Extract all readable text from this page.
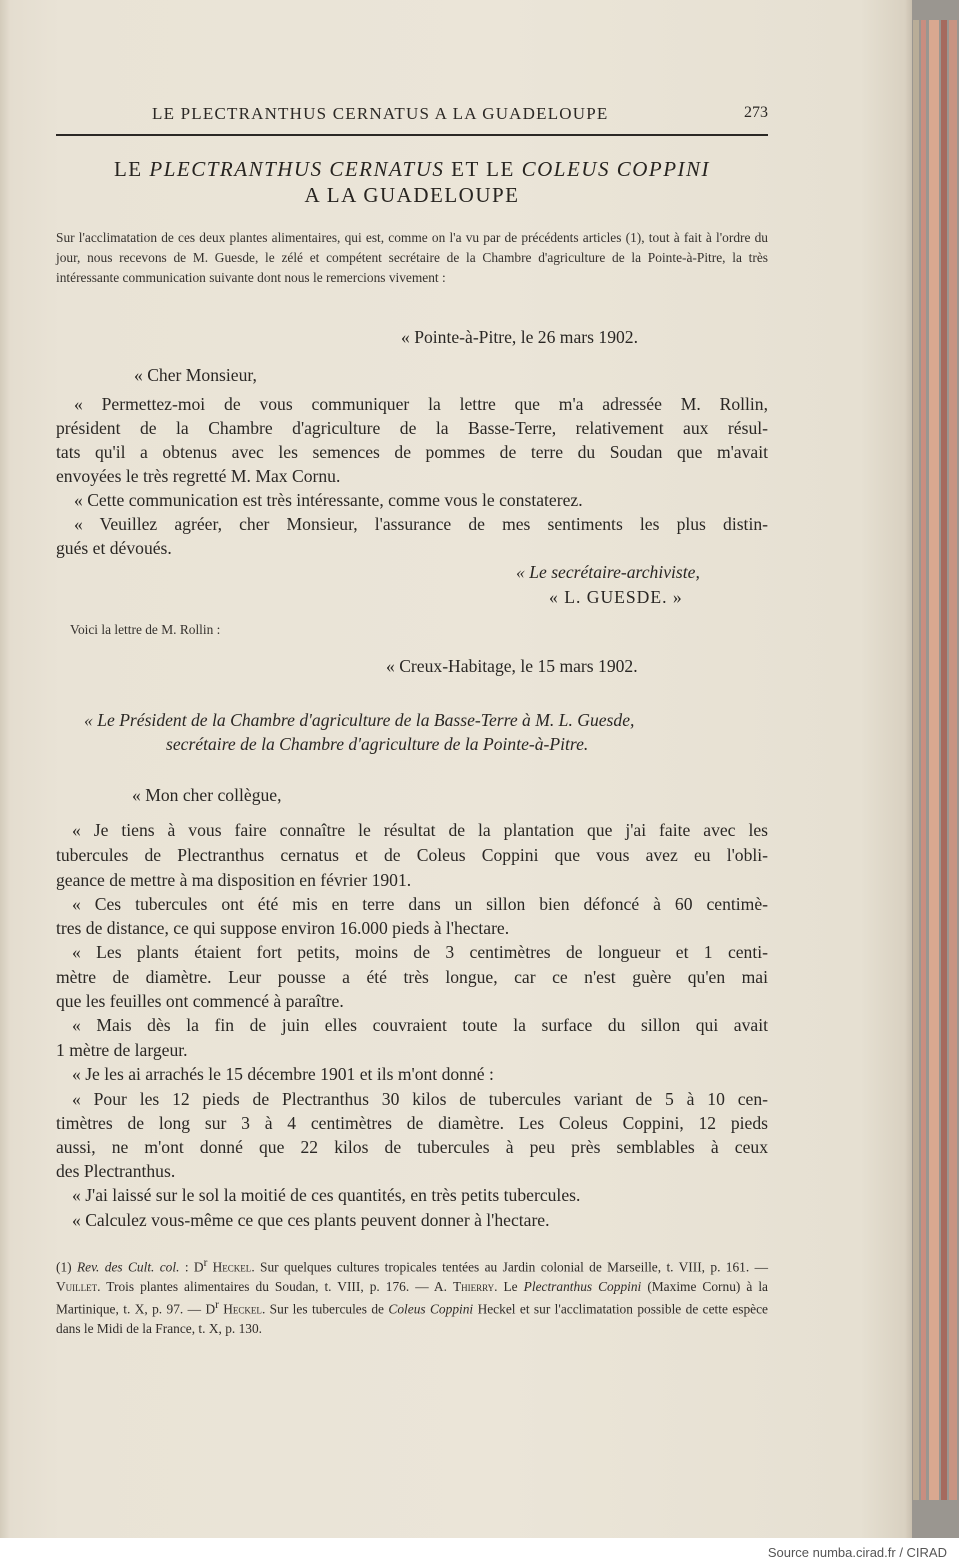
LE PLECTRANTHUS CERNATUS A LA GUADELOUPE	273
LE PLECTRANTHUS CERNATUS ET LE COLEUS COPPINI
A LA GUADELOUPE
Sur l'acclimatation de ces deux plantes alimentaires, qui est, comme on l'a vu par de précédents articles (1), tout à fait à l'ordre du jour, nous recevons de M. Guesde, le zélé et compétent secrétaire de la Chambre d'agriculture de la Pointe-à-Pitre, la très intéressante communication suivante dont nous le remercions vivement :
« Pointe-à-Pitre, le 26 mars 1902.
« Cher Monsieur,
« Permettez-moi de vous communiquer la lettre que m'a adressée M. Rollin,
président de la Chambre d'agriculture de la Basse-Terre, relativement aux résul-
tats qu'il a obtenus avec les semences de pommes de terre du Soudan que m'avait
envoyées le très regretté M. Max Cornu.
« Cette communication est très intéressante, comme vous le constaterez.
« Veuillez agréer, cher Monsieur, l'assurance de mes sentiments les plus distin-
gués et dévoués.
« Le secrétaire-archiviste,
« L. GUESDE. »
Voici la lettre de M. Rollin :
« Creux-Habitage, le 15 mars 1902.
« Le Président de la Chambre d'agriculture de la Basse-Terre à M. L. Guesde,
secrétaire de la Chambre d'agriculture de la Pointe-à-Pitre.
« Mon cher collègue,
« Je tiens à vous faire connaître le résultat de la plantation que j'ai faite avec les
tubercules de Plectranthus cernatus et de Coleus Coppini que vous avez eu l'obli-
geance de mettre à ma disposition en février 1901.
« Ces tubercules ont été mis en terre dans un sillon bien défoncé à 60 centimè-
tres de distance, ce qui suppose environ 16.000 pieds à l'hectare.
« Les plants étaient fort petits, moins de 3 centimètres de longueur et 1 centi-
mètre de diamètre. Leur pousse a été très longue, car ce n'est guère qu'en mai
que les feuilles ont commencé à paraître.
« Mais dès la fin de juin elles couvraient toute la surface du sillon qui avait
1 mètre de largeur.
« Je les ai arrachés le 15 décembre 1901 et ils m'ont donné :
« Pour les 12 pieds de Plectranthus 30 kilos de tubercules variant de 5 à 10 cen-
timètres de long sur 3 à 4 centimètres de diamètre. Les Coleus Coppini, 12 pieds
aussi, ne m'ont donné que 22 kilos de tubercules à peu près semblables à ceux
des Plectranthus.
« J'ai laissé sur le sol la moitié de ces quantités, en très petits tubercules.
« Calculez vous-même ce que ces plants peuvent donner à l'hectare.
(1) Rev. des Cult. col. : $D^r$ Heckel. Sur quelques cultures tropicales tentées au Jardin colonial de Marseille, t. VIII, p. 161. — Vuillet. Trois plantes alimentaires du Soudan, t. VIII, p. 176. — A. Thierry. Le Plectranthus Coppini (Maxime Cornu) à la Martinique, t. X, p. 97. — $D^r$ Heckel. Sur les tubercules de Coleus Coppini Heckel et sur l'acclimatation possible de cette espèce dans le Midi de la France, t. X, p. 130.
Source numba.cirad.fr / CIRAD
